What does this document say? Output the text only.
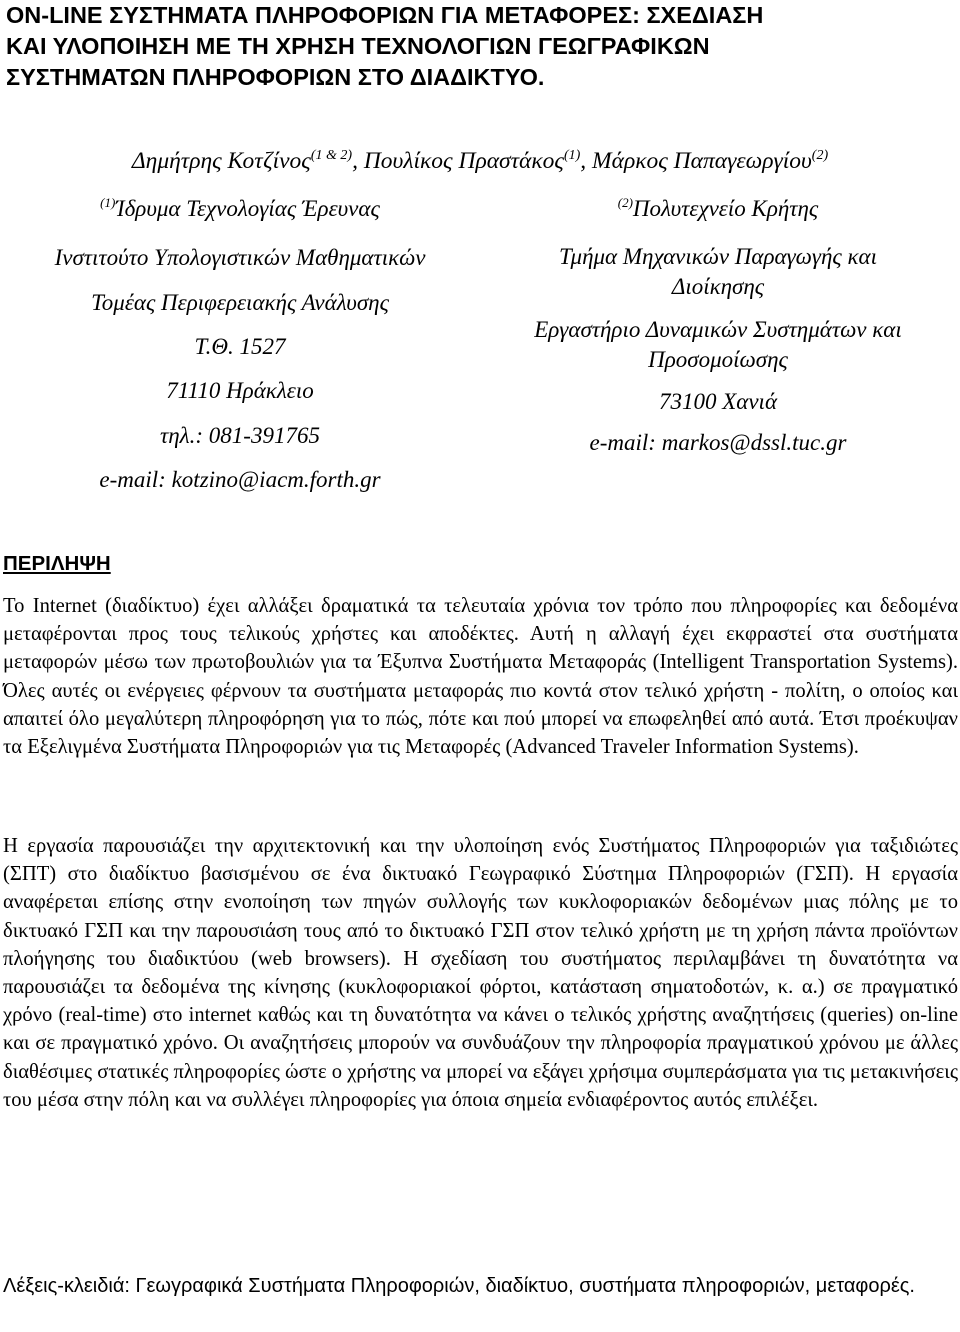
ON-LINE ΣΥΣΤΗΜΑΤΑ ΠΛΗΡΟΦΟΡΙΩΝ ΓΙΑ ΜΕΤΑΦΟΡΕΣ: ΣΧΕΔΙΑΣΗ
ΚΑΙ ΥΛΟΠΟΙΗΣΗ ΜΕ ΤΗ ΧΡΗΣΗ ΤΕΧΝΟΛΟΓΙΩΝ ΓΕΩΓΡΑΦΙΚΩΝ
ΣΥΣΤΗΜΑΤΩΝ ΠΛΗΡΟΦΟΡΙΩΝ ΣΤΟ ΔΙΑΔΙΚΤΥΟ.
Δημήτρης Κοτζίνος$^{(1 \& 2)}$, Πουλίκος Πραστάκος$^{(1)}$, Μάρκος Παπαγεωργίου$^{(2)}$
$^{(1)}$Ίδρυμα Τεχνολογίας Έρευνας
Ινστιτούτο Υπολογιστικών Μαθηματικών
Τομέας Περιφερειακής Ανάλυσης
Τ.Θ. 1527
71110 Ηράκλειο
τηλ.: 081-391765
e-mail: kotzino@iacm.forth.gr
$^{(2)}$Πολυτεχνείο Κρήτης
Τμήμα Μηχανικών Παραγωγής και
Διοίκησης
Εργαστήριο Δυναμικών Συστημάτων και
Προσομοίωσης
73100 Χανιά
e-mail: markos@dssl.tuc.gr
ΠΕΡΙΛΗΨΗ

Το Internet (διαδίκτυο) έχει αλλάξει δραματικά τα τελευταία χρόνια τον τρόπο που πληροφορίες και δεδομένα μεταφέρονται προς τους τελικούς χρήστες και αποδέκτες. Αυτή η αλλαγή έχει εκφραστεί στα συστήματα μεταφορών μέσω των πρωτοβουλιών για τα Έξυπνα Συστήματα Μεταφοράς (Intelligent Transportation Systems). Όλες αυτές οι ενέργειες φέρνουν τα συστήματα μεταφοράς πιο κοντά στον τελικό χρήστη - πολίτη, ο οποίος και απαιτεί όλο μεγαλύτερη πληροφόρηση για το πώς, πότε και πού μπορεί να επωφεληθεί από αυτά. Έτσι προέκυψαν τα Εξελιγμένα Συστήματα Πληροφοριών για τις Μεταφορές (Advanced Traveler Information Systems).

Η εργασία παρουσιάζει την αρχιτεκτονική και την υλοποίηση ενός Συστήματος Πληροφοριών για ταξιδιώτες (ΣΠΤ) στο διαδίκτυο βασισμένου σε ένα δικτυακό Γεωγραφικό Σύστημα Πληροφοριών (ΓΣΠ). Η εργασία αναφέρεται επίσης στην ενοποίηση των πηγών συλλογής των κυκλοφοριακών δεδομένων μιας πόλης με το δικτυακό ΓΣΠ και την παρουσιάση τους από το δικτυακό ΓΣΠ στον τελικό χρήστη με τη χρήση πάντα προϊόντων πλοήγησης του διαδικτύου (web browsers). Η σχεδίαση του συστήματος περιλαμβάνει τη δυνατότητα να παρουσιάζει τα δεδομένα της κίνησης (κυκλοφοριακοί φόρτοι, κατάσταση σηματοδοτών, κ. α.) σε πραγματικό χρόνο (real-time) στο internet καθώς και τη δυνατότητα να κάνει ο τελικός χρήστης αναζητήσεις (queries) on-line και σε πραγματικό χρόνο. Οι αναζητήσεις μπορούν να συνδυάζουν την πληροφορία πραγματικού χρόνου με άλλες διαθέσιμες στατικές πληροφορίες ώστε ο χρήστης να μπορεί να εξάγει χρήσιμα συμπεράσματα για τις μετακινήσεις του μέσα στην πόλη και να συλλέγει πληροφορίες για όποια σημεία ενδιαφέροντος αυτός επιλέξει.

Λέξεις-κλειδιά: Γεωγραφικά Συστήματα Πληροφοριών, διαδίκτυο, συστήματα πληροφοριών, μεταφορές.
